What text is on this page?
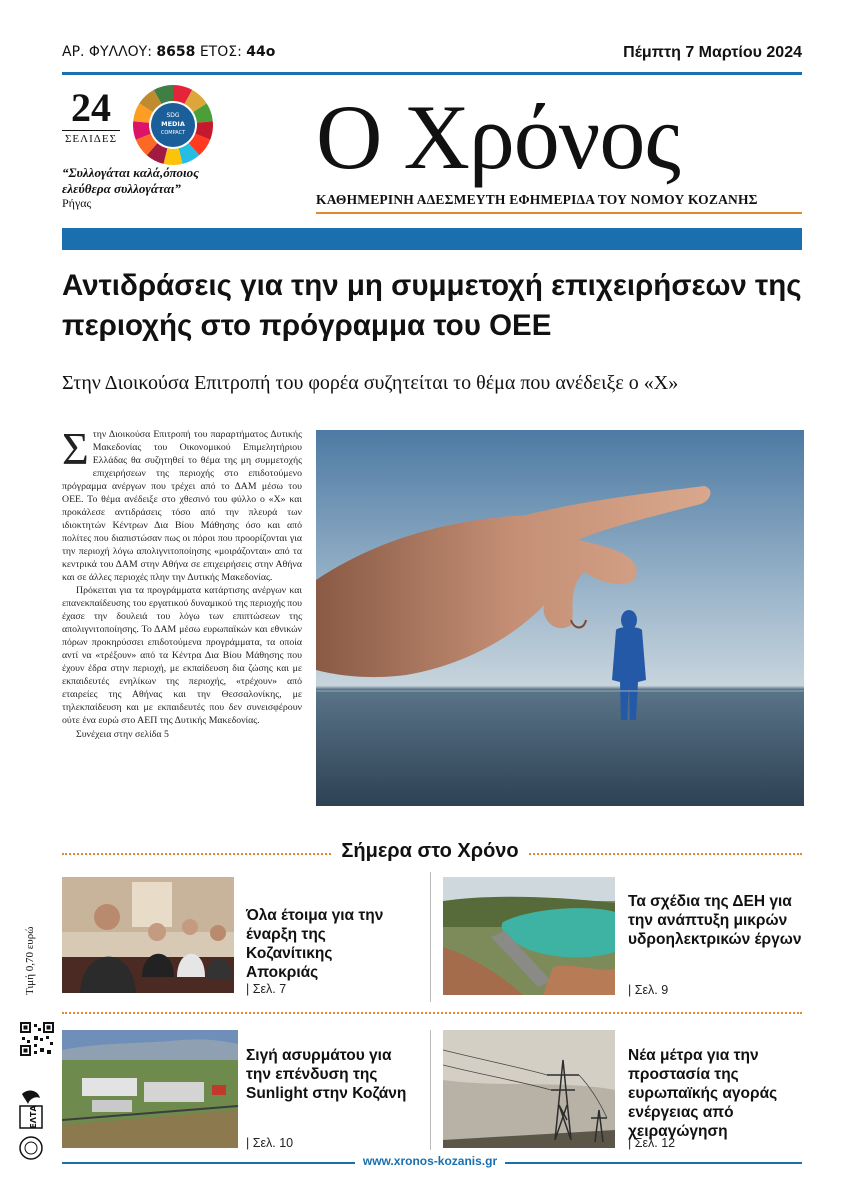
ΑΡ. ΦΥΛΛΟΥ: 8658 ΕΤΟΣ: 44ο	Πέμπτη 7 Μαρτίου 2024
24
ΣΕΛΙΔΕΣ
SDG
MEDIA
COMPACT
“Συλλογάται καλά,όποιος
ελεύθερα συλλογάται”
Ρήγας
Ο Χρόνος
ΚΑΘΗΜΕΡΙΝΗ ΑΔΕΣΜΕΥΤΗ ΕΦΗΜΕΡΙΔΑ ΤΟΥ ΝΟΜΟΥ ΚΟΖΑΝΗΣ
Αντιδράσεις για την μη συμμετοχή επιχειρήσεων της περιοχής στο πρόγραμμα του ΟΕΕ
Στην Διοικούσα Επιτροπή του φορέα συζητείται το θέμα που ανέδειξε ο «Χ»

Στην Διοικούσα Επιτροπή του παραρτήματος Δυτικής Μακεδονίας του Οικονομικού Επιμελητήριου Ελλάδας θα συζητηθεί το θέμα της μη συμμετοχής επιχειρήσεων της περιοχής στο επιδοτούμενο πρόγραμμα ανέργων που τρέχει από το ΔΑΜ μέσω του ΟΕΕ. Το θέμα ανέδειξε στο χθεσινό του φύλλο ο «Χ» και προκάλεσε αντιδράσεις τόσο από την πλευρά των ιδιοκτητών Κέντρων Δια Βίου Μάθησης όσο και από πολίτες που διαπιστώσαν πως οι πόροι που προορίζονται για την περιοχή λόγω απολιγνιτοποίησης «μοιράζονται» από τα κεντρικά του ΔΑΜ στην Αθήνα σε επιχειρήσεις στην Αθήνα και σε άλλες περιοχές πλην την Δυτικής Μακεδονίας.

Πρόκειται για τα προγράμματα κατάρτισης ανέργων και επανεκπαίδευσης του εργατικού δυναμικού της περιοχής που έχασε την δουλειά του λόγω των επιπτώσεων της απολιγνιτοποίησης. Το ΔΑΜ μέσω ευρωπαϊκών και εθνικών πόρων προκηρύσσει επιδοτούμενα προγράμματα, τα οποία αντί να «τρέξουν» από τα Κέντρα Δια Βίου Μάθησης που έχουν έδρα στην περιοχή, με εκπαίδευση δια ζώσης και με εκπαιδευτές ενηλίκων της περιοχής, «τρέχουν» από εταιρείες της Αθήνας και την Θεσσαλονίκης, με τηλεκπαίδευση και με εκπαιδευτές που δεν συνεισφέρουν ούτε ένα ευρώ στο ΑΕΠ της Δυτικής Μακεδονίας.

Συνέχεια στην σελίδα 5

Σήμερα στο Χρόνο
Όλα έτοιμα για την έναρξη της Κοζανίτικης Αποκριάς
| Σελ. 7
Τα σχέδια της ΔΕΗ για την ανάπτυξη μικρών υδροηλεκτρικών έργων
| Σελ. 9
Σιγή ασυρμάτου για την επένδυση της Sunlight στην Κοζάνη
| Σελ. 10
Νέα μέτρα για την προστασία της ευρωπαϊκής αγοράς ενέργειας από χειραγώγηση
| Σελ. 12
Τιμή 0,70 ευρώ
ΕΛΤΑ
www.xronos-kozanis.gr
